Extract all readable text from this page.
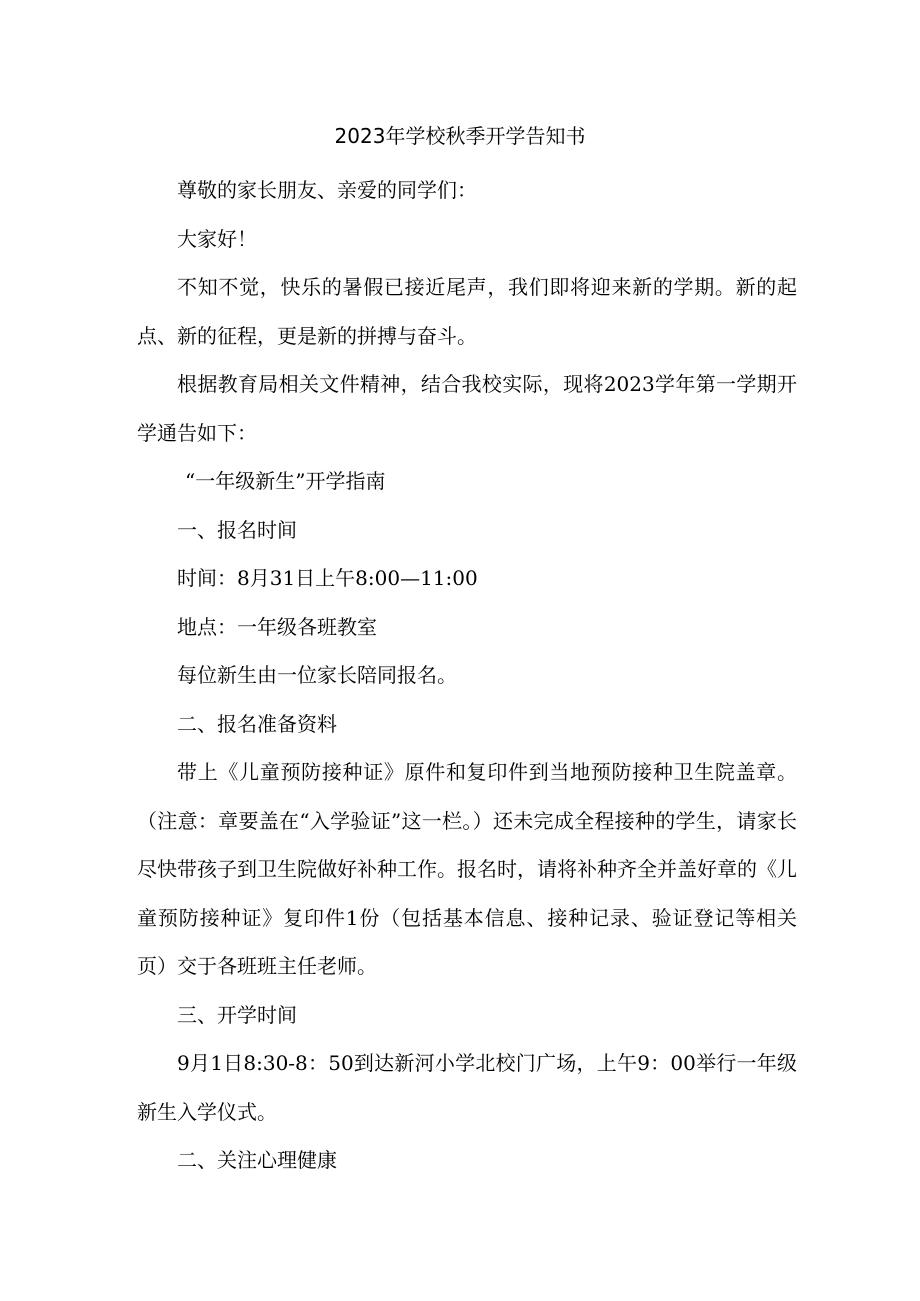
2023年学校秋季开学告知书

尊敬的家长朋友、亲爱的同学们：

大家好！

不知不觉，快乐的暑假已接近尾声，我们即将迎来新的学期。新的起点、新的征程，更是新的拼搏与奋斗。

根据教育局相关文件精神，结合我校实际，现将2023学年第一学期开学通告如下：

“一年级新生”开学指南

一、报名时间

时间：8月31日上午8:00—11:00

地点：一年级各班教室

每位新生由一位家长陪同报名。

二、报名准备资料

带上《儿童预防接种证》原件和复印件到当地预防接种卫生院盖章。（注意：章要盖在“入学验证”这一栏。）还未完成全程接种的学生，请家长尽快带孩子到卫生院做好补种工作。报名时，请将补种齐全并盖好章的《儿童预防接种证》复印件1份（包括基本信息、接种记录、验证登记等相关页）交于各班班主任老师。

三、开学时间

9月1日8:30-8：50到达新河小学北校门广场，上午9：00举行一年级新生入学仪式。

二、关注心理健康
